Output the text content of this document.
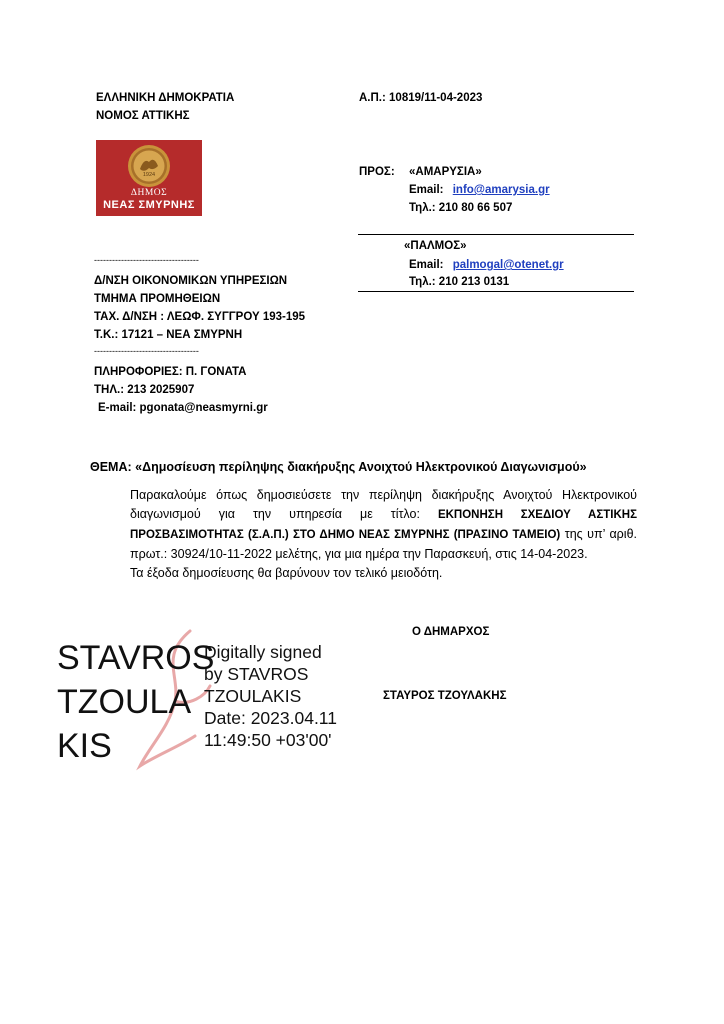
ΕΛΛΗΝΙΚΗ ΔΗΜΟΚΡΑΤΙΑ
ΝΟΜΟΣ ΑΤΤΙΚΗΣ
Α.Π.: 10819/11-04-2023
1924
ΔΗΜΟΣ
ΝΕΑΣ ΣΜΥΡΝΗΣ
-----------------------------------
Δ/ΝΣΗ ΟΙΚΟΝΟΜΙΚΩΝ ΥΠΗΡΕΣΙΩΝ
ΤΜΗΜΑ ΠΡΟΜΗΘΕΙΩΝ
ΤΑΧ. Δ/ΝΣΗ : ΛΕΩΦ. ΣΥΓΓΡΟΥ 193-195
Τ.Κ.: 17121 – ΝΕΑ ΣΜΥΡΝΗ
-----------------------------------
ΠΛΗΡΟΦΟΡΙΕΣ: Π. ΓΟΝΑΤΑ
ΤΗΛ.: 213 2025907
E-mail: pgonata@neasmyrni.gr
ΠΡΟΣ: «ΑΜΑΡΥΣΙΑ»
Email: info@amarysia.gr
Τηλ.: 210 80 66 507
«ΠΑΛΜΟΣ»
Email: palmogal@otenet.gr
Τηλ.: 210 213 0131
ΘΕΜΑ: «Δημοσίευση περίληψης διακήρυξης Ανοιχτού Ηλεκτρονικού Διαγωνισμού»
Παρακαλούμε όπως δημοσιεύσετε την περίληψη διακήρυξης Ανοιχτού Ηλεκτρονικού διαγωνισμού για την υπηρεσία με τίτλο: ΕΚΠΟΝΗΣΗ ΣΧΕΔΙΟΥ ΑΣΤΙΚΗΣ ΠΡΟΣΒΑΣΙΜΟΤΗΤΑΣ (Σ.Α.Π.) ΣΤΟ ΔΗΜΟ ΝΕΑΣ ΣΜΥΡΝΗΣ (ΠΡΑΣΙΝΟ ΤΑΜΕΙΟ) της υπ’ αριθ. πρωτ.: 30924/10-11-2022 μελέτης, για μια ημέρα την Παρασκευή, στις 14-04-2023.
Τα έξοδα δημοσίευσης θα βαρύνουν τον τελικό μειοδότη.
STAVROS
TZOULA
KIS
Digitally signed
by STAVROS
TZOULAKIS
Date: 2023.04.11
11:49:50 +03'00'
Ο ΔΗΜΑΡΧΟΣ
ΣΤΑΥΡΟΣ ΤΖΟΥΛΑΚΗΣ
